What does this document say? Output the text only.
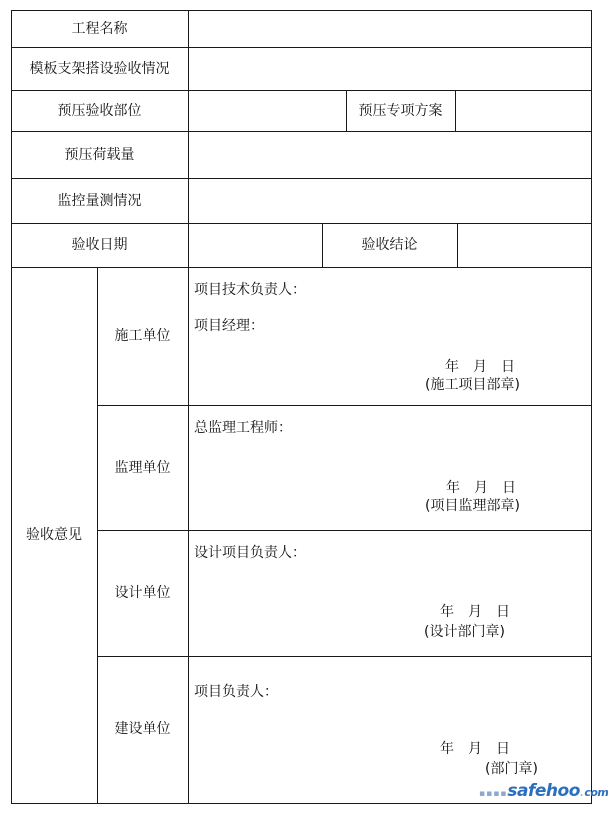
工程名称
模板支架搭设验收情况
预压验收部位	预压专项方案
预压荷载量
监控量测情况
验收日期	验收结论
验收意见
施工单位
项目技术负责人：
项目经理：
年　月　日
(施工项目部章)
监理单位
总监理工程师：
年　月　日
(项目监理部章)
设计单位
设计项目负责人：
年　月　日
(设计部门章)
建设单位
项目负责人：
年　月　日
(部门章)
▪▪▪▪safehoo.com
